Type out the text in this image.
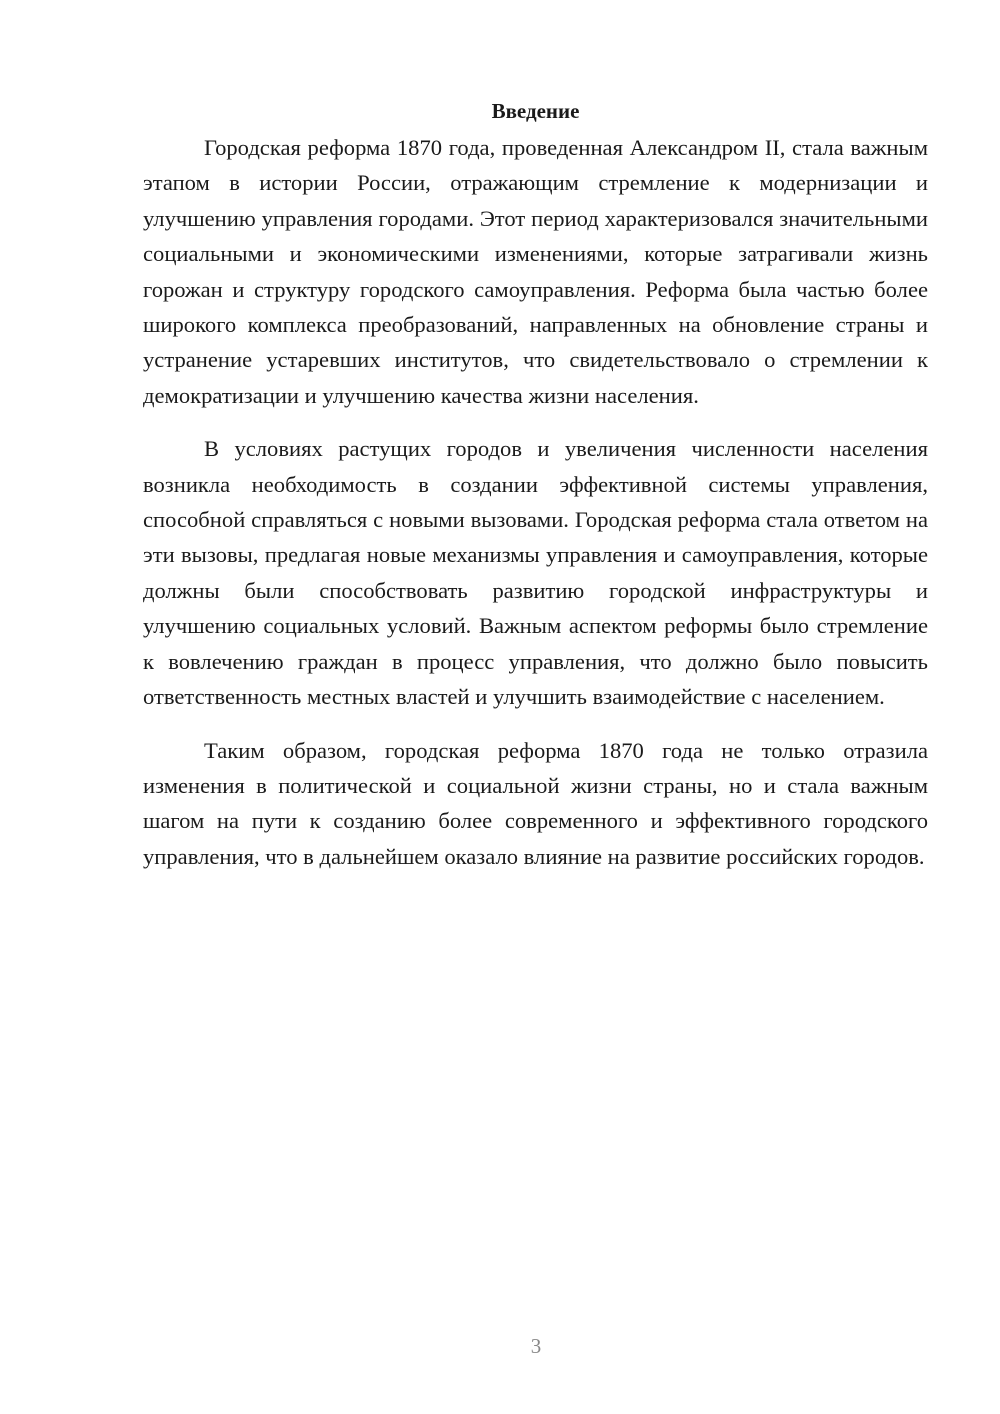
Введение

Городская реформа 1870 года, проведенная Александром II, стала важным этапом в истории России, отражающим стремление к модернизации и улучшению управления городами. Этот период характеризовался значительными социальными и экономическими изменениями, которые затрагивали жизнь горожан и структуру городского самоуправления. Реформа была частью более широкого комплекса преобразований, направленных на обновление страны и устранение устаревших институтов, что свидетельствовало о стремлении к демократизации и улучшению качества жизни населения.

В условиях растущих городов и увеличения численности населения возникла необходимость в создании эффективной системы управления, способной справляться с новыми вызовами. Городская реформа стала ответом на эти вызовы, предлагая новые механизмы управления и самоуправления, которые должны были способствовать развитию городской инфраструктуры и улучшению социальных условий. Важным аспектом реформы было стремление к вовлечению граждан в процесс управления, что должно было повысить ответственность местных властей и улучшить взаимодействие с населением.

Таким образом, городская реформа 1870 года не только отразила изменения в политической и социальной жизни страны, но и стала важным шагом на пути к созданию более современного и эффективного городского управления, что в дальнейшем оказало влияние на развитие российских городов.

3
